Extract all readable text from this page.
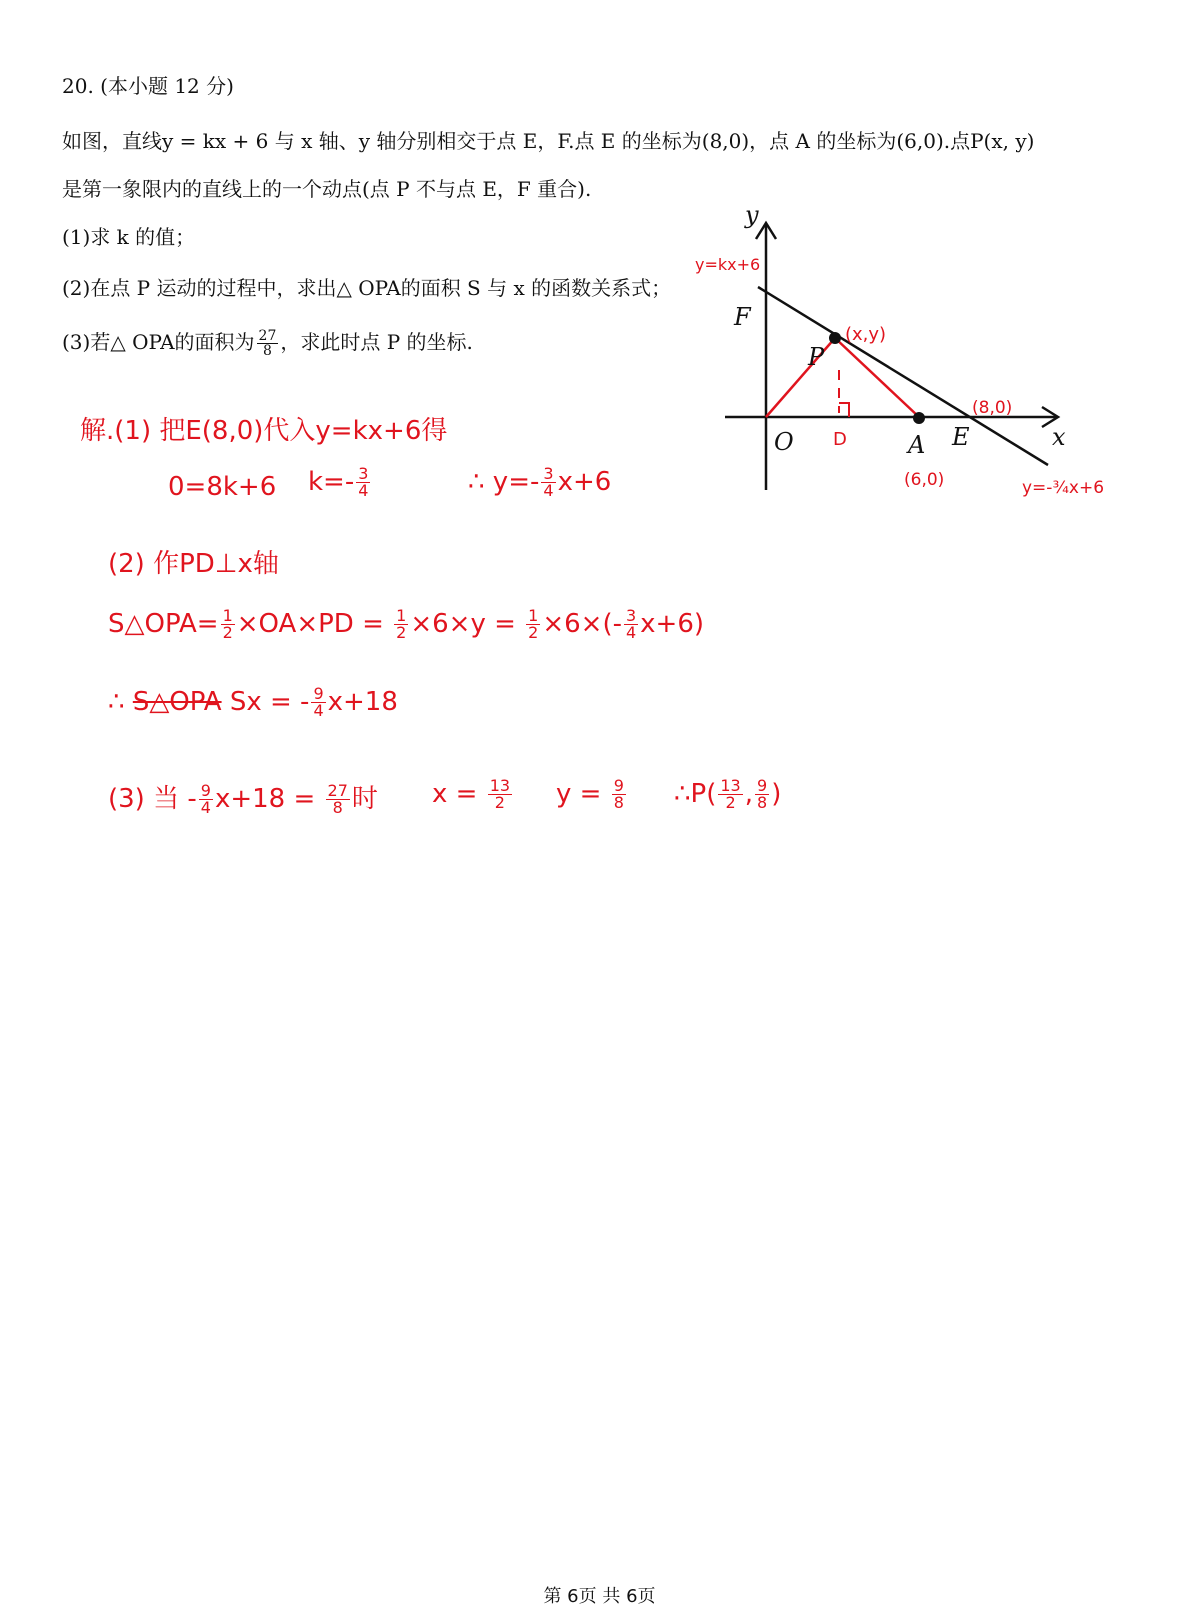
20. (本小题 12 分)
如图，直线y = kx + 6 与 x 轴、y 轴分别相交于点 E，F.点 E 的坐标为(8,0)，点 A 的坐标为(6,0).点P(x, y)
是第一象限内的直线上的一个动点(点 P 不与点 E，F 重合).
(1)求 k 的值；
(2)在点 P 运动的过程中，求出△ OPA的面积 S 与 x 的函数关系式；
(3)若△ OPA的面积为 $\frac{27}{8}$ ，求此时点 P 的坐标.
y
x
O
F
P
A E
D
y=kx+6
(x,y)
(8,0)
(6,0)	y=-¾x+6
解.(1) 把E(8,0)代入y=kx+6得
0=8k+6 $k=- \frac{3}{4}$	∴ $y=- \frac{3}{4} x+6$
(2) 作PD⊥x轴
S△OPA= $\frac{1}{2} \times OA\times PD = \frac{1}{2} \times 6\times y = \frac{1}{2} \times 6\times(- \frac{3}{4} x+6)$
∴ S△OPA Sx = - $\frac{9}{4} x+18$
(3) 当 - $\frac{9}{4} x+18 = \frac{27}{8}$ 时 $x = \frac{13}{2}$ $y = \frac{9}{8}$ ∴P( $\frac{13}{2}$ , $\frac{9}{8}$ )
第 6页 共 6页
